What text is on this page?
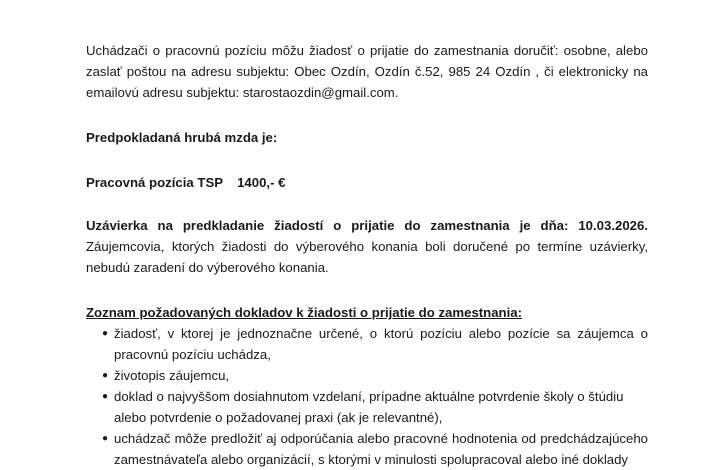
Uchádzači o pracovnú pozíciu môžu žiadosť o prijatie do zamestnania doručiť: osobne, alebo zaslať poštou na adresu subjektu: Obec Ozdín, Ozdín č.52, 985 24 Ozdín , či elektronicky na emailovú adresu subjektu: starostaozdin@gmail.com.

Predpokladaná hrubá mzda je:

Pracovná pozícia TSP 1400,- €

Uzávierka na predkladanie žiadostí o prijatie do zamestnania je dňa: 10.03.2026. Záujemcovia, ktorých žiadosti do výberového konania boli doručené po termíne uzávierky, nebudú zaradení do výberového konania.

Zoznam požadovaných dokladov k žiadosti o prijatie do zamestnania:

● žiadosť, v ktorej je jednoznačne určené, o ktorú pozíciu alebo pozície sa záujemca o pracovnú pozíciu uchádza,
● životopis záujemcu,
● doklad o najvyššom dosiahnutom vzdelaní, prípadne aktuálne potvrdenie školy o štúdiu alebo potvrdenie o požadovanej praxi (ak je relevantné),
● uchádzač môže predložiť aj odporúčania alebo pracovné hodnotenia od predchádzajúceho zamestnávateľa alebo organizácií, s ktorými v minulosti spolupracoval alebo iné doklady
